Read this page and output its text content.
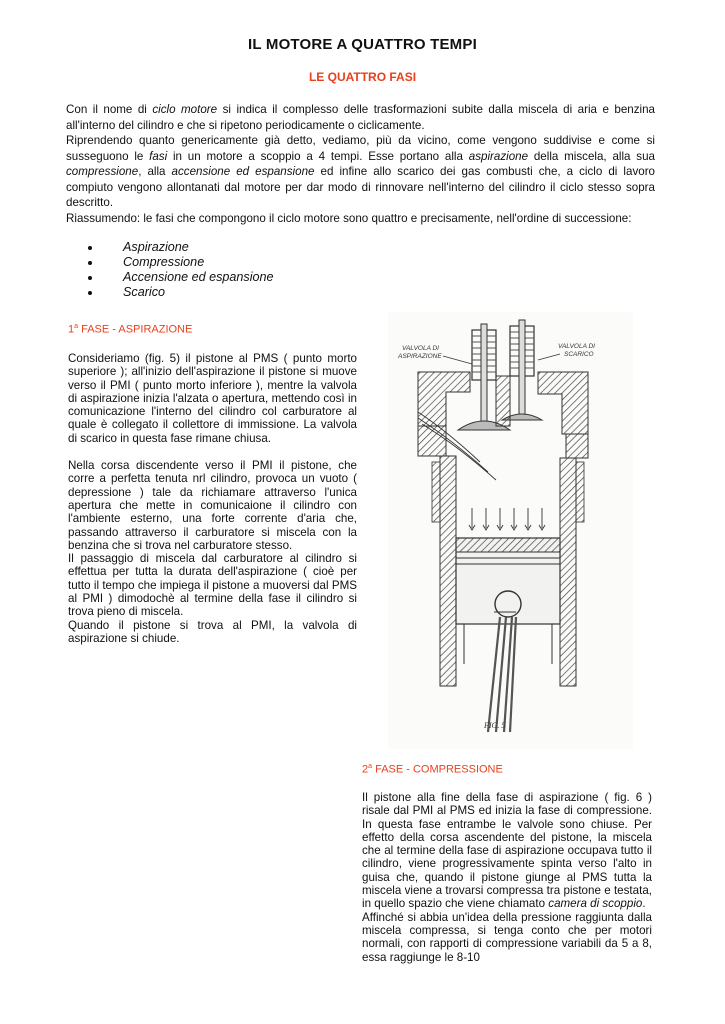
IL MOTORE A QUATTRO TEMPI
LE QUATTRO FASI

Con il nome di ciclo motore si indica il complesso delle trasformazioni subite dalla miscela di aria e benzina all'interno del cilindro e che si ripetono periodicamente o ciclicamente.

Riprendendo quanto genericamente già detto, vediamo, più da vicino, come vengono suddivise e come si susseguono le fasi in un motore a scoppio a 4 tempi. Esse portano alla aspirazione della miscela, alla sua compressione, alla accensione ed espansione ed infine allo scarico dei gas combusti che, a ciclo di lavoro compiuto vengono allontanati dal motore per dar modo di rinnovare nell'interno del cilindro il ciclo stesso sopra descritto.

Riassumendo: le fasi che compongono il ciclo motore sono quattro e precisamente, nell'ordine di successione:

Aspirazione
Compressione
Accensione ed espansione
Scarico
1$^a$ FASE - ASPIRAZIONE

Consideriamo (fig. 5) il pistone al PMS ( punto morto superiore ); all'inizio dell'aspirazione il pistone si muove verso il PMI ( punto morto inferiore ), mentre la valvola di aspirazione inizia l'alzata o apertura, mettendo così in comunicazione l'interno del cilindro col carburatore al quale è collegato il collettore di immissione. La valvola di scarico in questa fase rimane chiusa.

Nella corsa discendente verso il PMI il pistone, che corre a perfetta tenuta nrl cilindro, provoca un vuoto ( depressione ) tale da richiamare attraverso l'unica apertura che mette in comunicaione il cilindro con l'ambiente esterno, una forte corrente d'aria che, passando attraverso il carburatore si miscela con la benzina che si trova nel carburatore stesso.

Il passaggio di miscela dal carburatore al cilindro si effettua per tutta la durata dell'aspirazione ( cioè per tutto il tempo che impiega il pistone a muoversi dal PMS al PMI ) dimodochè al termine della fase il cilindro si trova pieno di miscela.

Quando il pistone si trova al PMI, la valvola di aspirazione si chiude.

VALVOLA DI
ASPIRAZIONE
VALVOLA DI
SCARICO
FIG. 5
2$^a$ FASE - COMPRESSIONE

Il pistone alla fine della fase di aspirazione ( fig. 6 ) risale dal PMI al PMS ed inizia la fase di compressione. In questa fase entrambe le valvole sono chiuse. Per effetto della corsa ascendente del pistone, la miscela che al termine della fase di aspirazione occupava tutto il cilindro, viene progressivamente spinta verso l'alto in guisa che, quando il pistone giunge al PMS tutta la miscela viene a trovarsi compressa tra pistone e testata, in quello spazio che viene chiamato camera di scoppio.

Affinché si abbia un'idea della pressione raggiunta dalla miscela compressa, si tenga conto che per motori normali, con rapporti di compressione variabili da 5 a 8, essa raggiunge le 8-10
